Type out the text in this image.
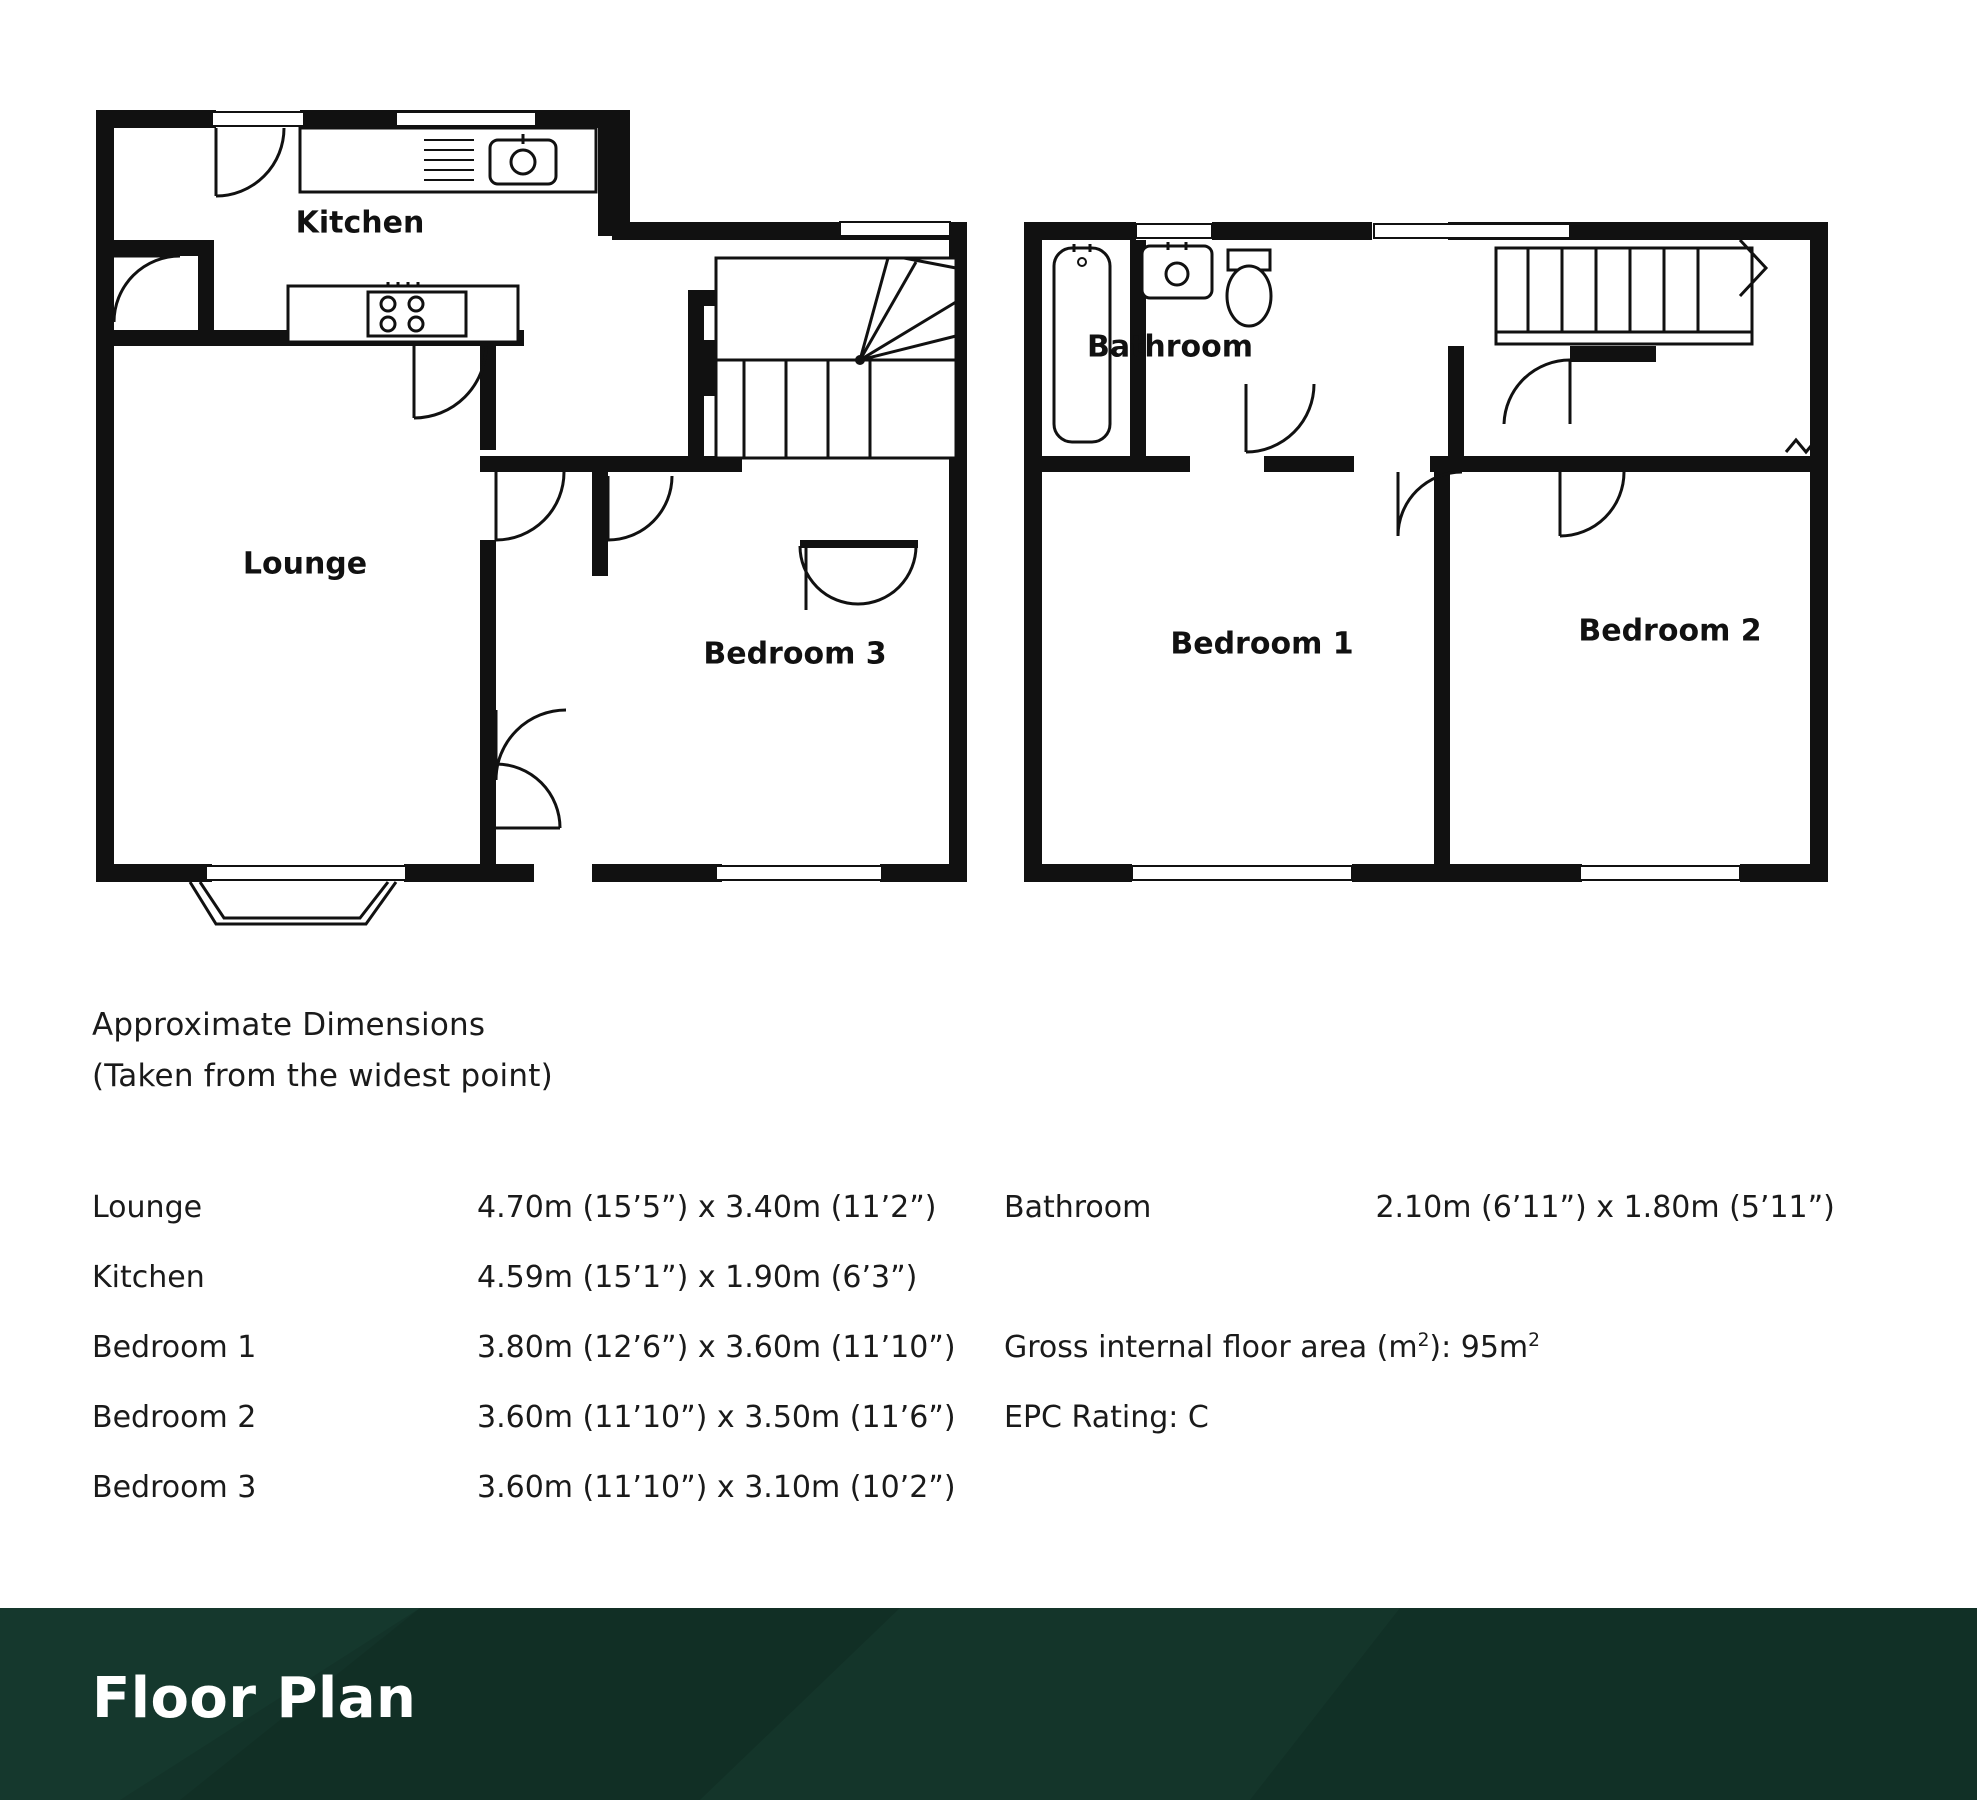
Kitchen
Lounge
Bedroom 3
Bathroom
Bedroom 1	Bedroom 2
Approximate Dimensions
(Taken from the widest point)
Lounge	4.70m (15’5”) x 3.40m (11’2”)
Kitchen	4.59m (15’1”) x 1.90m (6’3”)
Bedroom 1	3.80m (12’6”) x 3.60m (11’10”)
Bedroom 2	3.60m (11’10”) x 3.50m (11’6”)
Bedroom 3	3.60m (11’10”) x 3.10m (10’2”)
Bathroom	2.10m (6’11”) x 1.80m (5’11”)

Gross internal floor area $(m^2)$: $95m^2$
EPC Rating: C
Floor Plan
